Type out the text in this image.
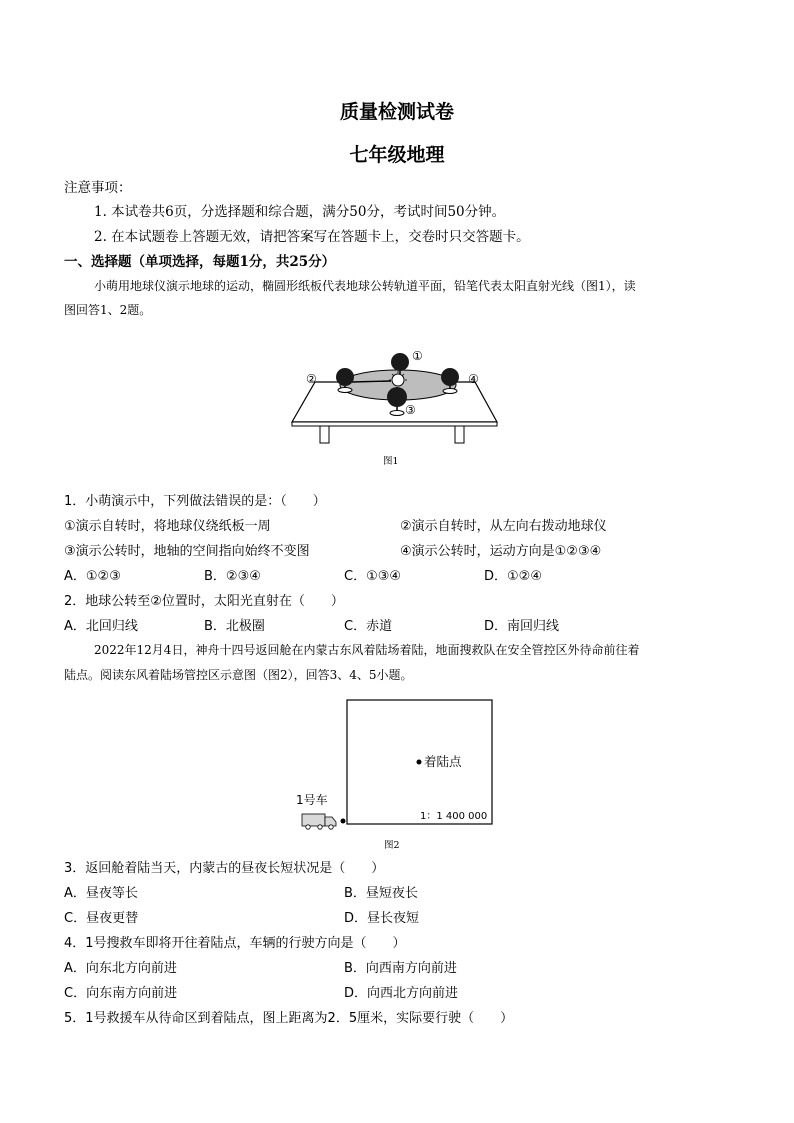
质量检测试卷
七年级地理
注意事项：
1. 本试卷共6页，分选择题和综合题，满分50分，考试时间50分钟。
2. 在本试题卷上答题无效，请把答案写在答题卡上，交卷时只交答题卡。
一、选择题（单项选择，每题1分，共25分）
小萌用地球仪演示地球的运动，椭圆形纸板代表地球公转轨道平面，铅笔代表太阳直射光线（图1），读
图回答1、2题。
①
②
③
④
图1
1．小萌演示中，下列做法错误的是：（　　）
①演示自转时，将地球仪绕纸板一周	②演示自转时，从左向右拨动地球仪
③演示公转时，地轴的空间指向始终不变图	④演示公转时，运动方向是①②③④
A．①②③	B．②③④	C．①③④	D．①②④
2．地球公转至②位置时，太阳光直射在（　　）
A．北回归线	B．北极圈	C．赤道	D．南回归线
2022年12月4日，神舟十四号返回舱在内蒙古东风着陆场着陆，地面搜救队在安全管控区外待命前往着
陆点。阅读东风着陆场管控区示意图（图2），回答3、4、5小题。
着陆点
1：1 400 000
1号车
图2
3．返回舱着陆当天，内蒙古的昼夜长短状况是（　　）
A．昼夜等长	B．昼短夜长
C．昼夜更替	D．昼长夜短
4．1号搜救车即将开往着陆点，车辆的行驶方向是（　　）
A．向东北方向前进	B．向西南方向前进
C．向东南方向前进	D．向西北方向前进
5．1号救援车从待命区到着陆点，图上距离为2．5厘米，实际要行驶（　　）
